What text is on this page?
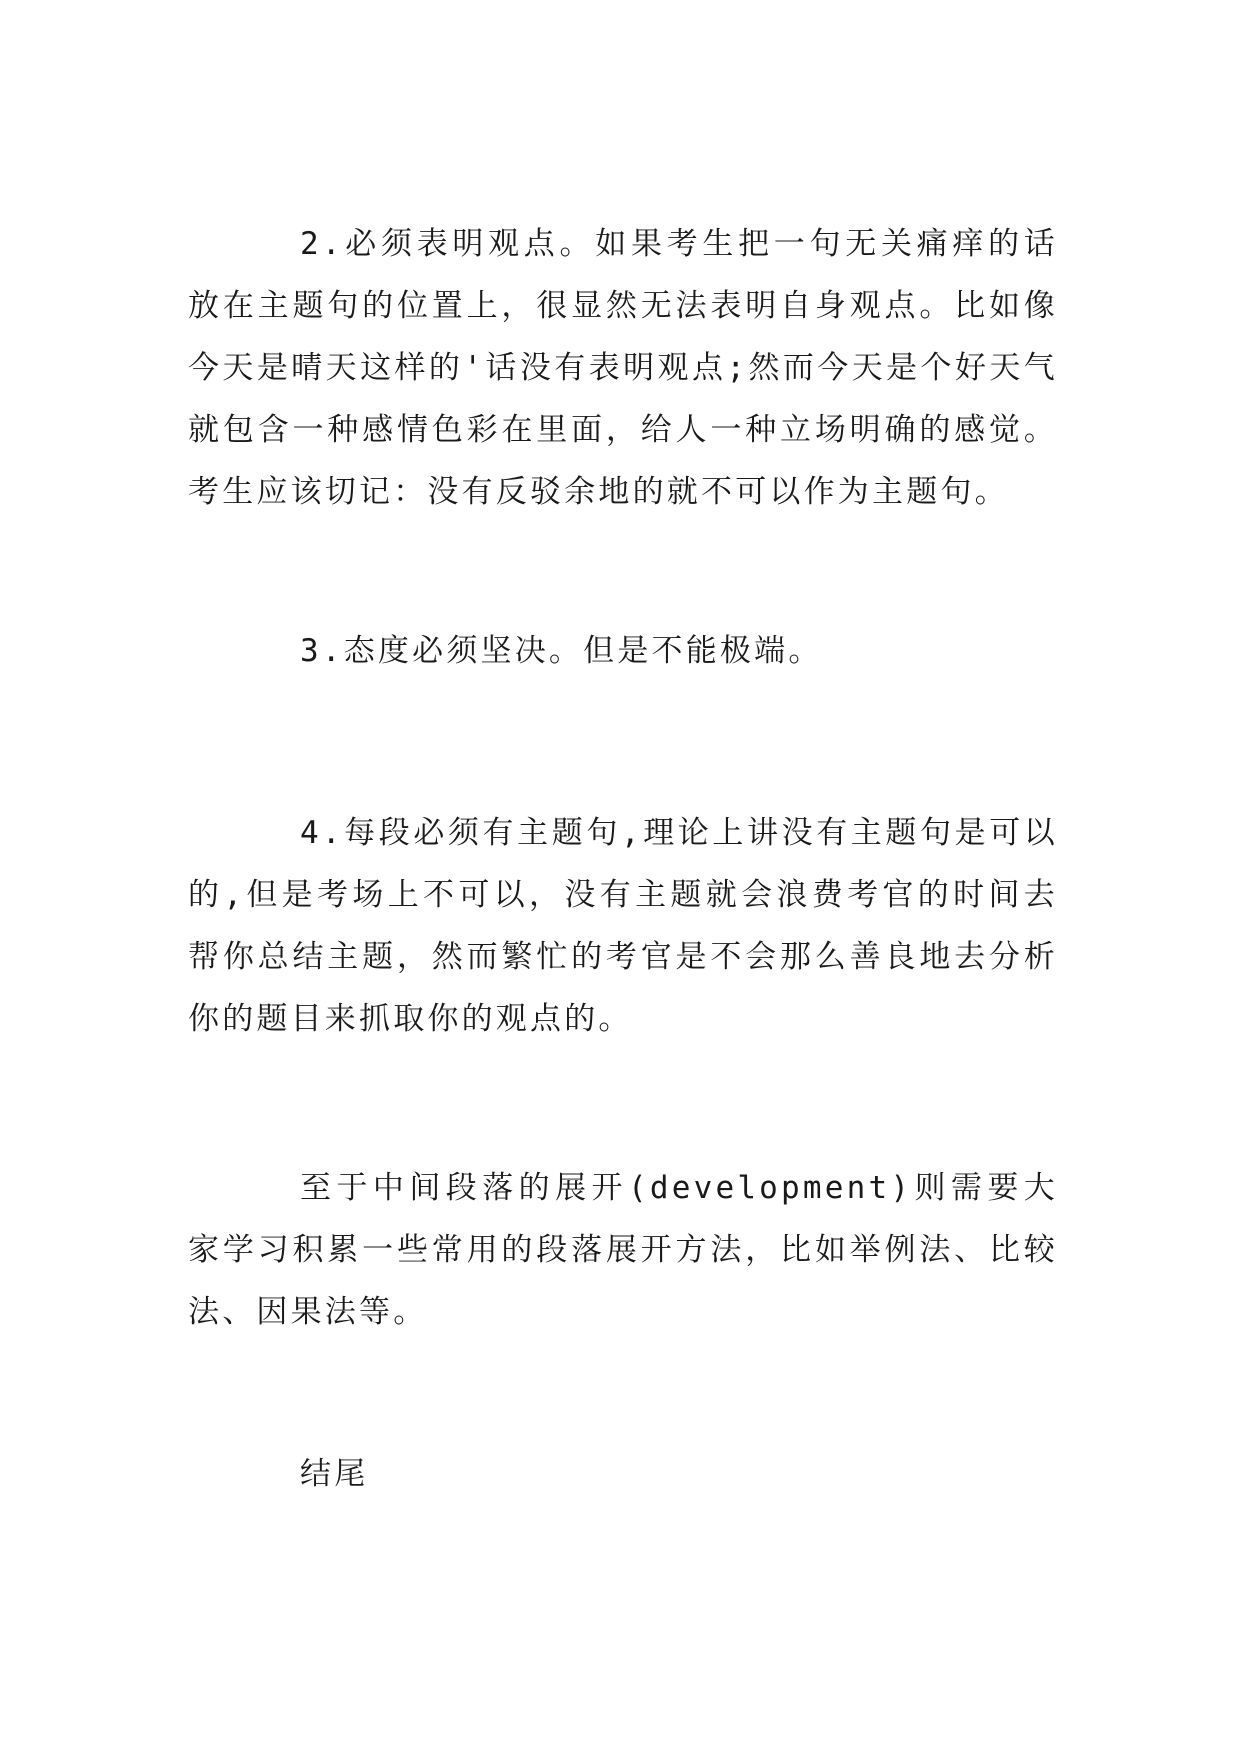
2.必须表明观点。如果考生把一句无关痛痒的话放在主题句的位置上，很显然无法表明自身观点。比如像今天是晴天这样的'话没有表明观点;然而今天是个好天气就包含一种感情色彩在里面，给人一种立场明确的感觉。考生应该切记：没有反驳余地的就不可以作为主题句。

3.态度必须坚决。但是不能极端。

4.每段必须有主题句,理论上讲没有主题句是可以的,但是考场上不可以，没有主题就会浪费考官的时间去帮你总结主题，然而繁忙的考官是不会那么善良地去分析你的题目来抓取你的观点的。

至于中间段落的展开(development)则需要大家学习积累一些常用的段落展开方法，比如举例法、比较法、因果法等。

结尾
